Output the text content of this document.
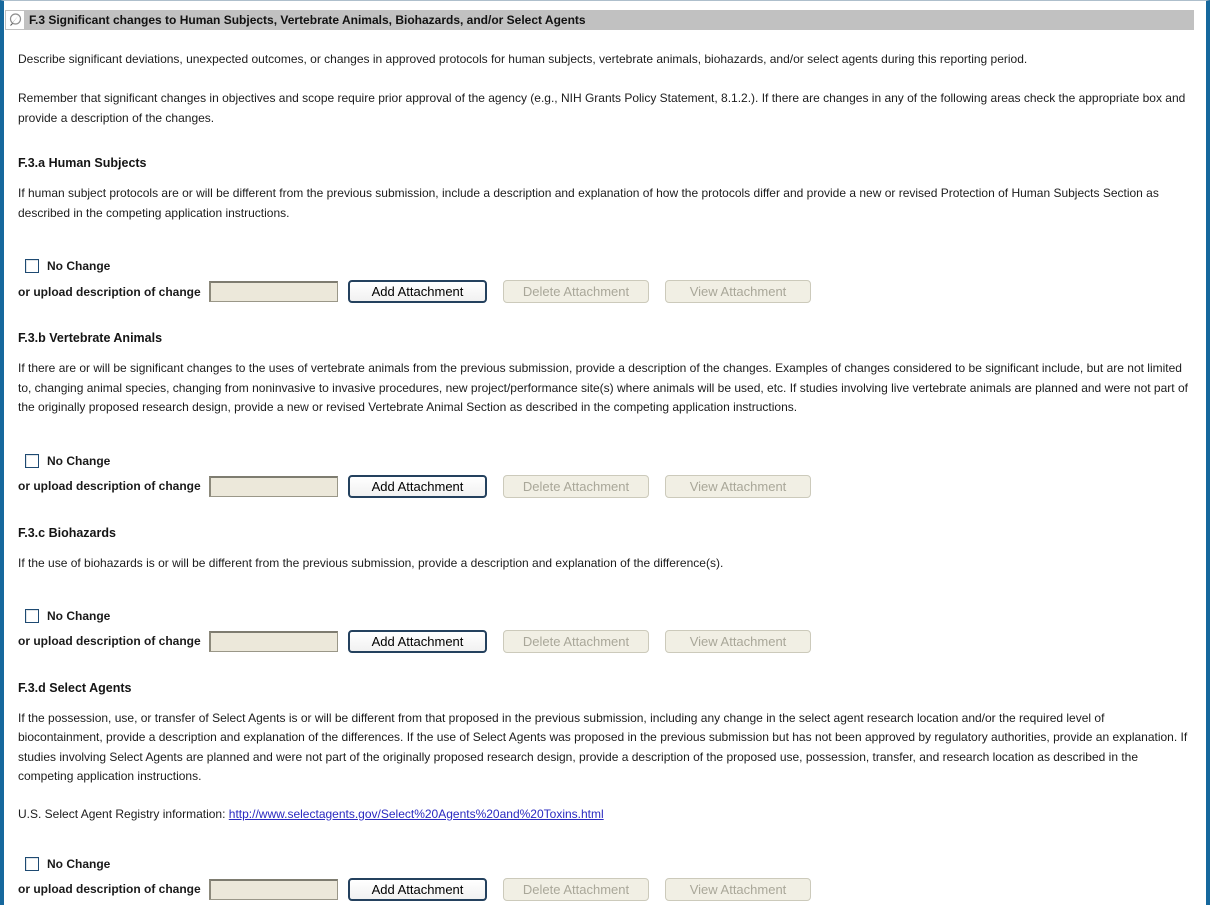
F.3 Significant changes to Human Subjects, Vertebrate Animals, Biohazards, and/or Select Agents

Describe significant deviations, unexpected outcomes, or changes in approved protocols for human subjects, vertebrate animals, biohazards, and/or select agents during this reporting period.

Remember that significant changes in objectives and scope require prior approval of the agency (e.g., NIH Grants Policy Statement, 8.1.2.). If there are changes in any of the following areas check the appropriate box and provide a description of the changes.

F.3.a Human Subjects

If human subject protocols are or will be different from the previous submission, include a description and explanation of how the protocols differ and provide a new or revised Protection of Human Subjects Section as described in the competing application instructions.

No Change
or upload description of change	Add Attachment	Delete Attachment	View Attachment
F.3.b Vertebrate Animals

If there are or will be significant changes to the uses of vertebrate animals from the previous submission, provide a description of the changes. Examples of changes considered to be significant include, but are not limited to, changing animal species, changing from noninvasive to invasive procedures, new project/performance site(s) where animals will be used, etc. If studies involving live vertebrate animals are planned and were not part of the originally proposed research design, provide a new or revised Vertebrate Animal Section as described in the competing application instructions.

No Change
or upload description of change	Add Attachment	Delete Attachment	View Attachment
F.3.c Biohazards

If the use of biohazards is or will be different from the previous submission, provide a description and explanation of the difference(s).

No Change
or upload description of change	Add Attachment	Delete Attachment	View Attachment
F.3.d Select Agents

If the possession, use, or transfer of Select Agents is or will be different from that proposed in the previous submission, including any change in the select agent research location and/or the required level of biocontainment, provide a description and explanation of the differences. If the use of Select Agents was proposed in the previous submission but has not been approved by regulatory authorities, provide an explanation. If studies involving Select Agents are planned and were not part of the originally proposed research design, provide a description of the proposed use, possession, transfer, and research location as described in the competing application instructions.

U.S. Select Agent Registry information: http://www.selectagents.gov/Select%20Agents%20and%20Toxins.html

No Change
or upload description of change	Add Attachment	Delete Attachment	View Attachment
